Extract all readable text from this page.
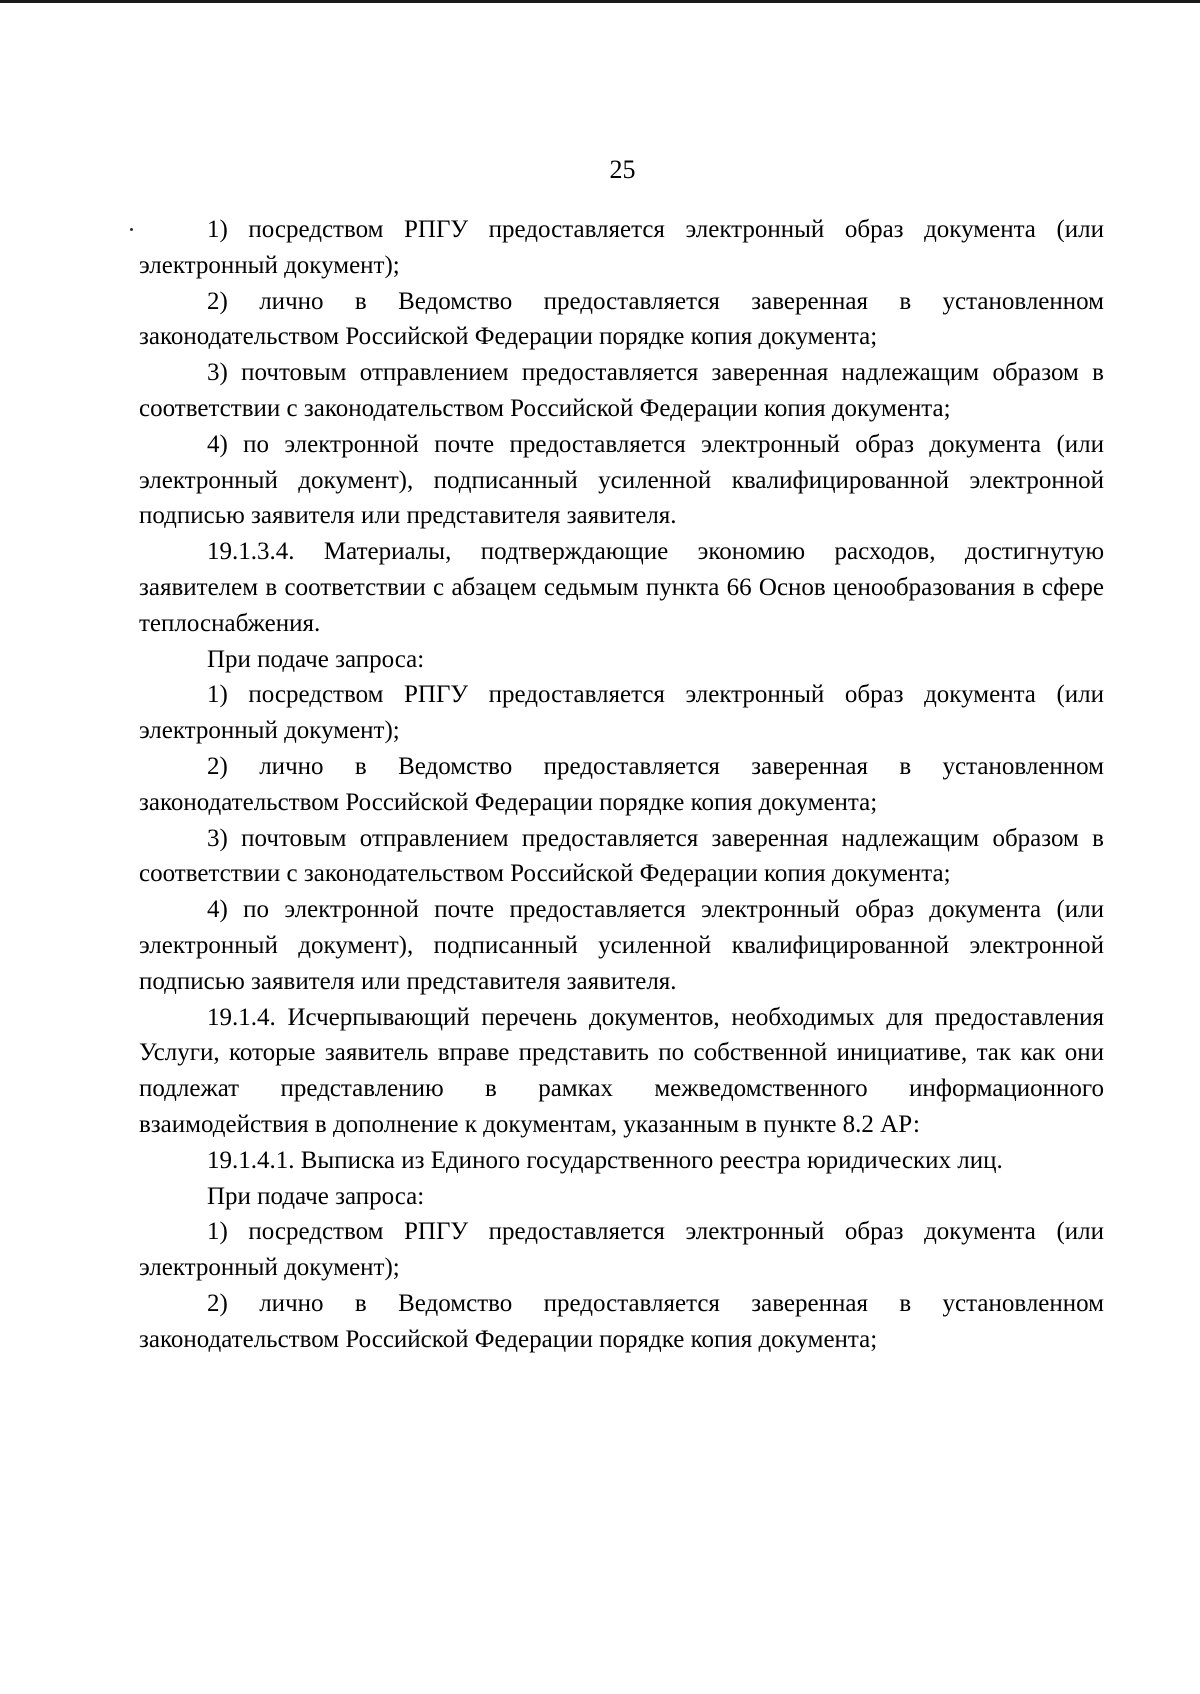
25

1) посредством РПГУ предоставляется электронный образ документа (или электронный документ);

2) лично в Ведомство предоставляется заверенная в установленном законодательством Российской Федерации порядке копия документа;

3) почтовым отправлением предоставляется заверенная надлежащим образом в соответствии с законодательством Российской Федерации копия документа;

4) по электронной почте предоставляется электронный образ документа (или электронный документ), подписанный усиленной квалифицированной электронной подписью заявителя или представителя заявителя.

19.1.3.4. Материалы, подтверждающие экономию расходов, достигнутую заявителем в соответствии с абзацем седьмым пункта 66 Основ ценообразования в сфере теплоснабжения.

При подаче запроса:

1) посредством РПГУ предоставляется электронный образ документа (или электронный документ);

2) лично в Ведомство предоставляется заверенная в установленном законодательством Российской Федерации порядке копия документа;

3) почтовым отправлением предоставляется заверенная надлежащим образом в соответствии с законодательством Российской Федерации копия документа;

4) по электронной почте предоставляется электронный образ документа (или электронный документ), подписанный усиленной квалифицированной электронной подписью заявителя или представителя заявителя.

19.1.4. Исчерпывающий перечень документов, необходимых для предоставления Услуги, которые заявитель вправе представить по собственной инициативе, так как они подлежат представлению в рамках межведомственного информационного взаимодействия в дополнение к документам, указанным в пункте 8.2 АР:

19.1.4.1. Выписка из Единого государственного реестра юридических лиц.

При подаче запроса:

1) посредством РПГУ предоставляется электронный образ документа (или электронный документ);

2) лично в Ведомство предоставляется заверенная в установленном законодательством Российской Федерации порядке копия документа;
